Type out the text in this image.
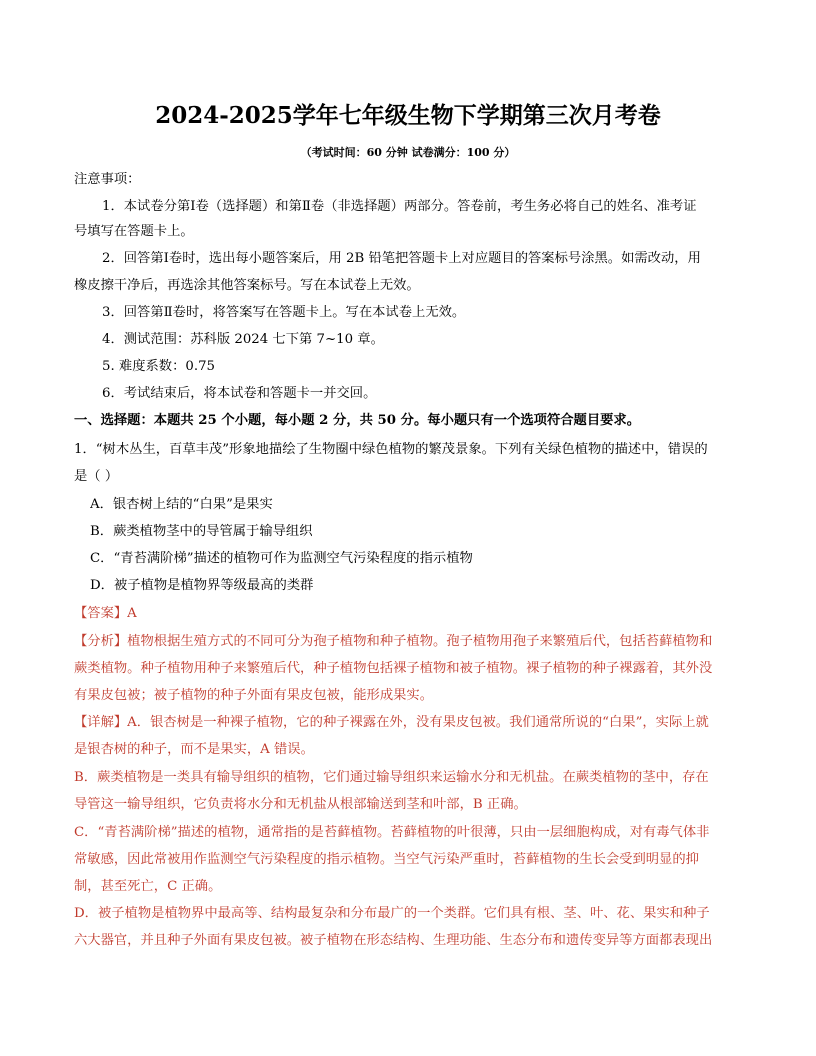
2024-2025学年七年级生物下学期第三次月考卷
（考试时间：60 分钟 试卷满分：100 分）
注意事项：
1．本试卷分第Ⅰ卷（选择题）和第Ⅱ卷（非选择题）两部分。答卷前，考生务必将自己的姓名、准考证
号填写在答题卡上。
2．回答第Ⅰ卷时，选出每小题答案后，用 2B 铅笔把答题卡上对应题目的答案标号涂黑。如需改动，用
橡皮擦干净后，再选涂其他答案标号。写在本试卷上无效。
3．回答第Ⅱ卷时，将答案写在答题卡上。写在本试卷上无效。
4．测试范围：苏科版 2024 七下第 7~10 章。
5. 难度系数：0.75
6．考试结束后，将本试卷和答题卡一并交回。
一、选择题：本题共 25 个小题，每小题 2 分，共 50 分。每小题只有一个选项符合题目要求。
1．“树木丛生，百草丰茂”形象地描绘了生物圈中绿色植物的繁茂景象。下列有关绿色植物的描述中，错误的
是（ ）
A．银杏树上结的“白果”是果实
B．蕨类植物茎中的导管属于输导组织
C．“青苔满阶梯”描述的植物可作为监测空气污染程度的指示植物
D．被子植物是植物界等级最高的类群
【答案】A
【分析】植物根据生殖方式的不同可分为孢子植物和种子植物。孢子植物用孢子来繁殖后代，包括苔藓植物和
蕨类植物。种子植物用种子来繁殖后代，种子植物包括裸子植物和被子植物。裸子植物的种子裸露着，其外没
有果皮包被；被子植物的种子外面有果皮包被，能形成果实。
【详解】A．银杏树是一种裸子植物，它的种子裸露在外，没有果皮包被。我们通常所说的“白果”，实际上就
是银杏树的种子，而不是果实，A 错误。
B．蕨类植物是一类具有输导组织的植物，它们通过输导组织来运输水分和无机盐。在蕨类植物的茎中，存在
导管这一输导组织，它负责将水分和无机盐从根部输送到茎和叶部，B 正确。
C．“青苔满阶梯”描述的植物，通常指的是苔藓植物。苔藓植物的叶很薄，只由一层细胞构成，对有毒气体非
常敏感，因此常被用作监测空气污染程度的指示植物。当空气污染严重时，苔藓植物的生长会受到明显的抑
制，甚至死亡，C 正确。
D．被子植物是植物界中最高等、结构最复杂和分布最广的一个类群。它们具有根、茎、叶、花、果实和种子
六大器官，并且种子外面有果皮包被。被子植物在形态结构、生理功能、生态分布和遗传变异等方面都表现出
